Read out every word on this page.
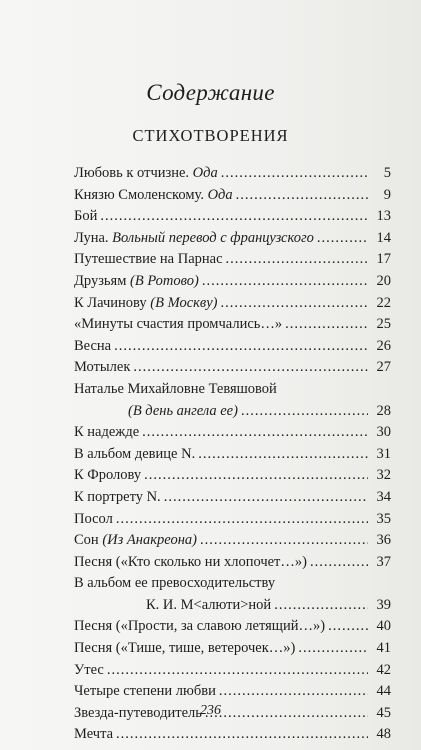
Содержание
СТИХОТВОРЕНИЯ
Любовь к отчизне. Ода .....	5
Князю Смоленскому. Ода .....	9
Бой .....	13
Луна. Вольный перевод с французского .....	14
Путешествие на Парнас .....	17
Друзьям (В Ротово) .....	20
К Лачинову (В Москву) .....	22
«Минуты счастия промчались…» .....	25
Весна .....	26
Мотылек .....	27
Наталье Михайловне Тевяшовой
(В день ангела ее) .....	28
К надежде .....	30
В альбом девице N. .....	31
К Фролову .....	32
К портрету N. .....	34
Посол .....	35
Сон (Из Анакреона) .....	36
Песня («Кто сколько ни хлопочет…») .....	37
В альбом ее превосходительству
К. И. М<алюти>ной .....	39
Песня («Прости, за славою летящий…») .....	40
Песня («Тише, тише, ветерочек…») .....	41
Утес .....	42
Четыре степени любви .....	44
Звезда-путеводитель .....	45
Мечта .....	48
236
